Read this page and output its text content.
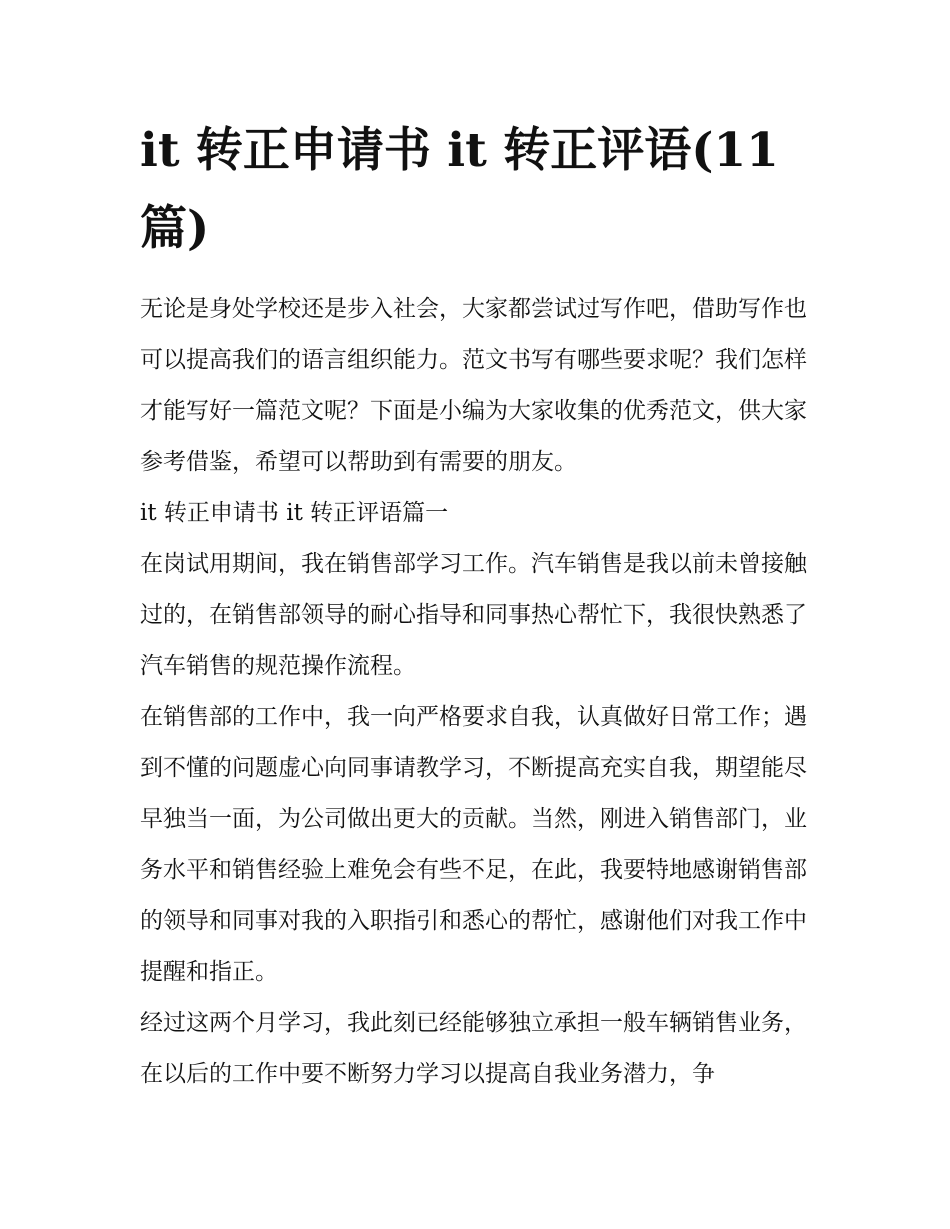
it 转正申请书 it 转正评语(11 篇)

无论是身处学校还是步入社会，大家都尝试过写作吧，借助写作也可以提高我们的语言组织能力。范文书写有哪些要求呢？我们怎样才能写好一篇范文呢？下面是小编为大家收集的优秀范文，供大家参考借鉴，希望可以帮助到有需要的朋友。

it 转正申请书 it 转正评语篇一

在岗试用期间，我在销售部学习工作。汽车销售是我以前未曾接触过的，在销售部领导的耐心指导和同事热心帮忙下，我很快熟悉了汽车销售的规范操作流程。

在销售部的工作中，我一向严格要求自我，认真做好日常工作；遇到不懂的问题虚心向同事请教学习，不断提高充实自我，期望能尽早独当一面，为公司做出更大的贡献。当然，刚进入销售部门，业务水平和销售经验上难免会有些不足，在此，我要特地感谢销售部的领导和同事对我的入职指引和悉心的帮忙，感谢他们对我工作中提醒和指正。

经过这两个月学习，我此刻已经能够独立承担一般车辆销售业务，在以后的工作中要不断努力学习以提高自我业务潜力，争
